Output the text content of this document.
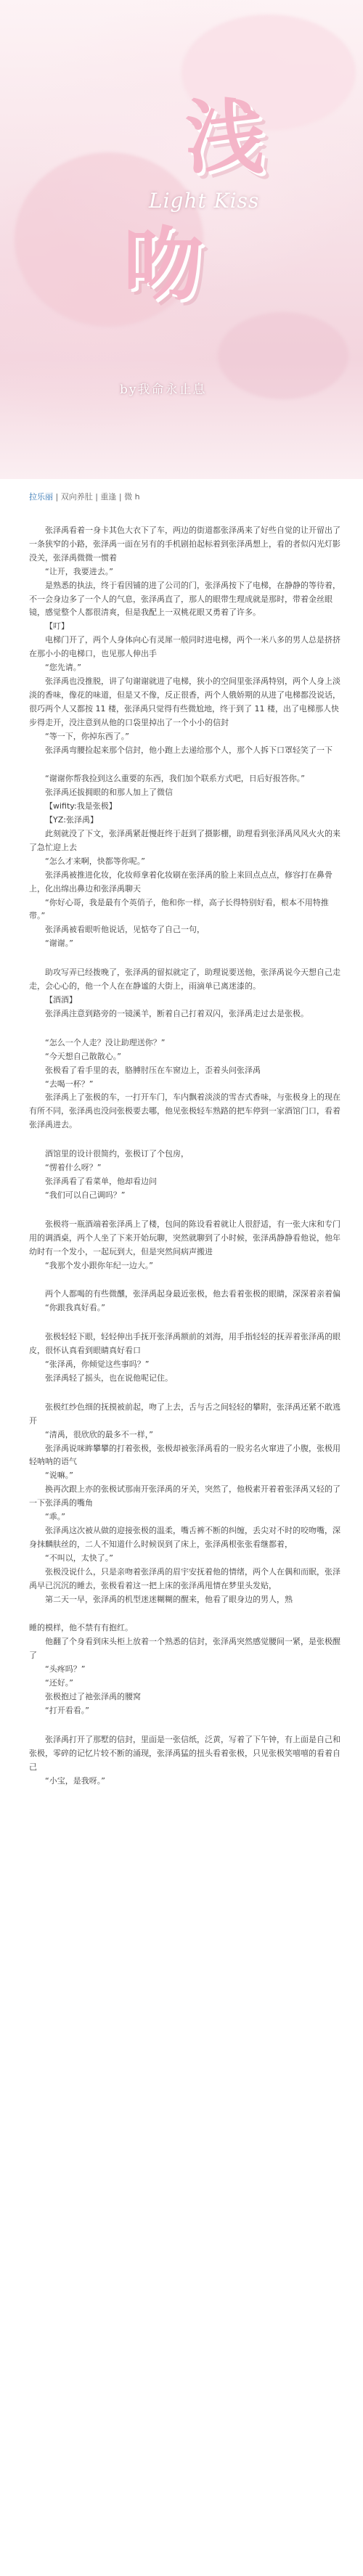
浅
Light Kiss
吻
by我命永止息
拉乐丽 | 双向养肚 | 重逢 | 微 h

张泽禹看着一身卡其色大衣下了车，两边的街道都张泽禹来了好些自觉的让开留出了一条狭窄的小路，张泽禹一面在另有的手机剧拍起标着到张泽禹想上，看的者似闪光灯影没关，张泽禹微微一惯着

“让开，我要进去。”

是熟悉的执法，终于看因铺的进了公司的门，张泽禹按下了电梯，在静静的等待着，不一会身边多了一个人的气息，张泽禹直了，那人的眼带生理成就是那时，带着金丝眼镜，感觉整个人都很清爽，但是我配上一双桃花眼又勇着了许多。

【叮】

电梯门开了，两个人身体向心有灵犀一般同时进电梯，两个一米八多的男人总是挤挤在那小小的电梯口，也见那人伸出手

“您先请。”

张泽禹也没推脱，讲了句谢谢就进了电梯，狭小的空间里张泽禹特别，两个人身上淡淡的香味，像花的味道，但是又不像，反正很香，两个人俄娇期的从进了电梯都没说话，很巧两个人又都按 11 楼，张泽禹只觉得有些微尬地，终于到了 11 楼，出了电梯那人快步得走开，没注意到从他的口袋里掉出了一个小小的信封

“等一下，你掉东西了。”

张泽禹弯腰捡起来那个信封，他小跑上去递给那个人，那个人拆下口罩轻笑了一下

“谢谢你帮我捡到这么重要的东西，我们加个联系方式吧，日后好报答你。”

张泽禹还拔拥眼的和那人加上了微信

【wifity:我是张极】

【YZ:张泽禹】

此刻就没了下文，张泽禹紧赶慢赶终于赶到了摄影棚，助理看到张泽禹风风火火的来了急忙迎上去

“怎么才来啊，快都等你呢。”

张泽禹被推进化妆，化妆师拿着化妆刷在张泽禹的脸上来回点点点，修容打在鼻骨上，化出绵出鼻边和张泽禹聊天

“你好心哥，我是最有个英俏子，他和你一样，高子长得特别好看，根本不用特推带。”

张泽禹被看眼听他说话，见惦夸了自己一句，

“谢谢。”

助攻写弄已经拨晚了，张泽禹的留拟就定了，助理说要送他，张泽禹说今天想自己走走，会心心的，他一个人在在静谧的大街上，雨滴单已离迷漆的。

【酒酒】

张泽禹注意到路旁的一镜溪羊，断着自己打着双闪，张泽禹走过去是张极。

“怎么一个人走？没让助理送你？”

“今天想自己散散心。”

张极看了看手里的表，胳膊肘压在车窗边上，歪着头问张泽禹

“去喝一杯？”

张泽禹上了张极的车，一打开车门，车内飘着淡淡的雪杏式香味，与张极身上的现在有所不同，张泽禹也没问张极要去哪，他见张极轻车熟路的把车停到一家酒馆门口，看着张泽禹进去。

酒馆里的设计很简约，张极订了个包房，

“愣着什么呀？”

张泽禹看了看菜单，他却看边问

“我们可以自己调吗？”

张极将一瓶酒端着张泽禹上了楼，包间的陈设看着就让人很舒适，有一张大床和专门用的调酒桌，两个人坐了下来开始玩聊，突然就聊到了小时候，张泽禹静静看他说，他年幼时有一个发小，一起玩到大，但是突然间病声搬进

“我那个发小跟你年纪一边大。”

两个人都喝的有些微醺，张泽禹起身最近张极，他去看着张极的眼睛，深深着亲着偏

“你跟我真好看。”

张极轻轻下眼，轻轻伸出手抚开张泽禹额前的刘海，用手指轻轻的抚弄着张泽禹的眼皮，很怀认真看到眼睛真好看口

“张泽禹，你倾觉这些事吗？”

张泽禹轻了摇头，也在说他呢记住。

张极红纱色细的抚摸被前起，吻了上去，舌与舌之间轻轻的攀附，张泽禹还紧不敢逃开

“清禹，很欣欣的最多不一样，”

张泽禹说咪眸攀攀的打着张极，张极却被张泽禹看的一股劣名火窜进了小腹，张极用轻呐呐的语气

“说嘛。”

换再次跟上亦的张极试那南开张泽禹的牙关，突然了，他极素开着着张泽禹又轻的了一下张泽禹的嘴角

“乖。”

张泽禹这次被从做的迎接张极的温柔，嘴舌裤不断的纠缠，丢尖对不时的咬吻嘴，深身抹麟肤丝的，二人不知道什么时候误到了床上，张泽禹根张张看继都着，

“不叫以，太快了。”

张极没说什么，只是亲吻着张泽禹的眉宇安抚着他的情绪，两个人在偶和而眠，张泽禹早已沉沉的睡去，张极看着这一把上床的张泽禹甩情在梦里头发贴，

第二天一早，张泽禹的机型迷迷糊糊的醒来，他看了眼身边的男人，熟

睡的模样，他不禁有有抱红。

他翻了个身看到床头柜上放着一个熟悉的信封，张泽禹突然感觉腰间一紧，是张极醒了

“头疼吗？”

“还好。”

张极抱过了祂张泽禹的腰窝

“打开看看。”

张泽禹打开了那墅的信封，里面是一张信纸，泛黄，写着了下午钟，有上面是自己和张极，零碎的记忆片较不断的涌现，张泽禹猛的扭头看着张极，只见张极笑嘻嘻的看着自己

“小宝，是我呀。”
